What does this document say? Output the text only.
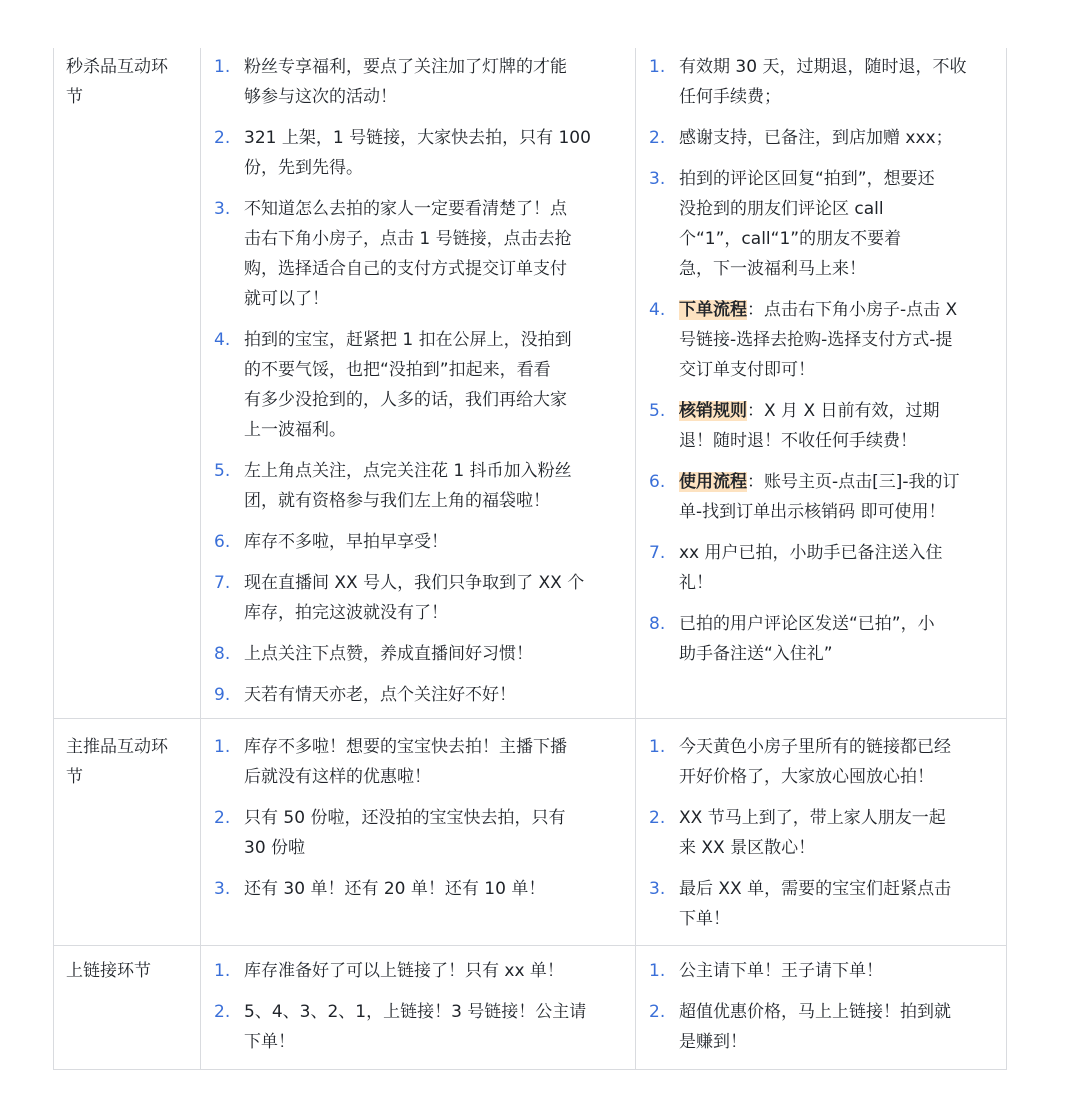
秒杀品互动环
节
1. 粉丝专享福利，要点了关注加了灯牌的才能
够参与这次的活动！
2. 321 上架，1 号链接，大家快去拍，只有 100
份，先到先得。
3. 不知道怎么去拍的家人一定要看清楚了！点
击右下角小房子，点击 1 号链接，点击去抢
购，选择适合自己的支付方式提交订单支付
就可以了！
4. 拍到的宝宝，赶紧把 1 扣在公屏上，没拍到
的不要气馁，也把“没拍到”扣起来，看看
有多少没抢到的，人多的话，我们再给大家
上一波福利。
5. 左上角点关注，点完关注花 1 抖币加入粉丝
团，就有资格参与我们左上角的福袋啦！
6. 库存不多啦，早拍早享受！
7. 现在直播间 XX 号人，我们只争取到了 XX 个
库存，拍完这波就没有了！
8. 上点关注下点赞，养成直播间好习惯！
9. 天若有情天亦老，点个关注好不好！
1. 有效期 30 天，过期退，随时退，不收
任何手续费；
2. 感谢支持，已备注，到店加赠 xxx；
3. 拍到的评论区回复“拍到”，想要还
没抢到的朋友们评论区 call
个“1”，call“1”的朋友不要着
急，下一波福利马上来！
4. 下单流程：点击右下角小房子-点击 X
号链接-选择去抢购-选择支付方式-提
交订单支付即可！
5. 核销规则：X 月 X 日前有效，过期
退！随时退！不收任何手续费！
6. 使用流程：账号主页-点击[三]-我的订
单-找到订单出示核销码 即可使用！
7. xx 用户已拍，小助手已备注送入住
礼！
8. 已拍的用户评论区发送“已拍”，小
助手备注送“入住礼”
主推品互动环
节
1. 库存不多啦！想要的宝宝快去拍！主播下播
后就没有这样的优惠啦！
2. 只有 50 份啦，还没拍的宝宝快去拍，只有
30 份啦
3. 还有 30 单！还有 20 单！还有 10 单！
1. 今天黄色小房子里所有的链接都已经
开好价格了，大家放心囤放心拍！
2. XX 节马上到了，带上家人朋友一起
来 XX 景区散心！
3. 最后 XX 单，需要的宝宝们赶紧点击
下单！
上链接环节	1. 库存准备好了可以上链接了！只有 xx 单！
2. 5、4、3、2、1，上链接！3 号链接！公主请
下单！
1. 公主请下单！王子请下单！
2. 超值优惠价格，马上上链接！拍到就
是赚到！
